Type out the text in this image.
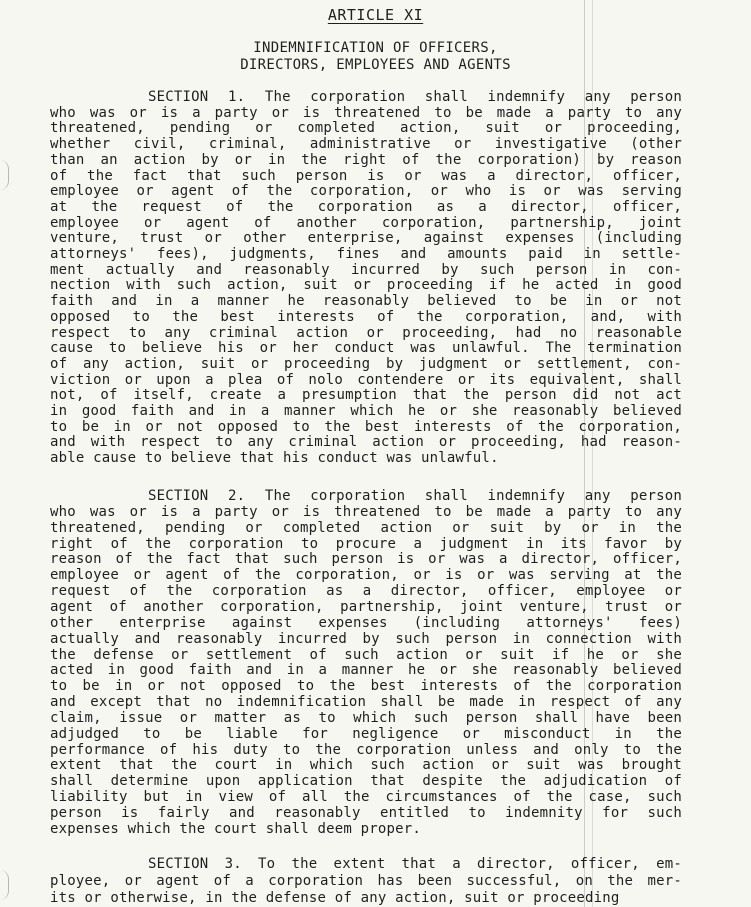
ARTICLE XI
INDEMNIFICATION OF OFFICERS,
DIRECTORS, EMPLOYEES AND AGENTS
SECTION 1. The corporation shall indemnify any person
who was or is a party or is threatened to be made a party to any
threatened, pending or completed action, suit or proceeding,
whether civil, criminal, administrative or investigative (other
than an action by or in the right of the corporation) by reason
of the fact that such person is or was a director, officer,
employee or agent of the corporation, or who is or was serving
at the request of the corporation as a director, officer,
employee or agent of another corporation, partnership, joint
venture, trust or other enterprise, against expenses (including
attorneys' fees), judgments, fines and amounts paid in settle-
ment actually and reasonably incurred by such person in con-
nection with such action, suit or proceeding if he acted in good
faith and in a manner he reasonably believed to be in or not
opposed to the best interests of the corporation, and, with
respect to any criminal action or proceeding, had no reasonable
cause to believe his or her conduct was unlawful. The termination
of any action, suit or proceeding by judgment or settlement, con-
viction or upon a plea of nolo contendere or its equivalent, shall
not, of itself, create a presumption that the person did not act
in good faith and in a manner which he or she reasonably believed
to be in or not opposed to the best interests of the corporation,
and with respect to any criminal action or proceeding, had reason-
able cause to believe that his conduct was unlawful.
SECTION 2. The corporation shall indemnify any person
who was or is a party or is threatened to be made a party to any
threatened, pending or completed action or suit by or in the
right of the corporation to procure a judgment in its favor by
reason of the fact that such person is or was a director, officer,
employee or agent of the corporation, or is or was serving at the
request of the corporation as a director, officer, employee or
agent of another corporation, partnership, joint venture, trust or
other enterprise against expenses (including attorneys' fees)
actually and reasonably incurred by such person in connection with
the defense or settlement of such action or suit if he or she
acted in good faith and in a manner he or she reasonably believed
to be in or not opposed to the best interests of the corporation
and except that no indemnification shall be made in respect of any
claim, issue or matter as to which such person shall have been
adjudged to be liable for negligence or misconduct in the
performance of his duty to the corporation unless and only to the
extent that the court in which such action or suit was brought
shall determine upon application that despite the adjudication of
liability but in view of all the circumstances of the case, such
person is fairly and reasonably entitled to indemnity for such
expenses which the court shall deem proper.
SECTION 3. To the extent that a director, officer, em-
ployee, or agent of a corporation has been successful, on the mer-
its or otherwise, in the defense of any action, suit or proceeding
